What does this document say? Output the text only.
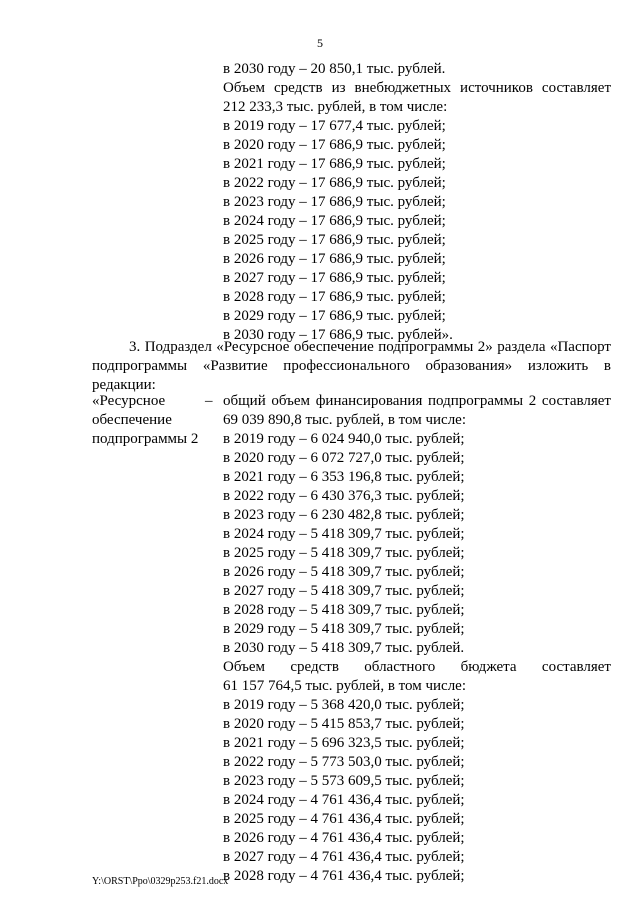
5
в 2030 году – 20 850,1 тыс. рублей.
Объем средств из внебюджетных источников составляет
212 233,3 тыс. рублей, в том числе:
в 2019 году – 17 677,4 тыс. рублей;
в 2020 году – 17 686,9 тыс. рублей;
в 2021 году – 17 686,9 тыс. рублей;
в 2022 году – 17 686,9 тыс. рублей;
в 2023 году – 17 686,9 тыс. рублей;
в 2024 году – 17 686,9 тыс. рублей;
в 2025 году – 17 686,9 тыс. рублей;
в 2026 году – 17 686,9 тыс. рублей;
в 2027 году – 17 686,9 тыс. рублей;
в 2028 году – 17 686,9 тыс. рублей;
в 2029 году – 17 686,9 тыс. рублей;
в 2030 году – 17 686,9 тыс. рублей».
3. Подраздел «Ресурсное обеспечение подпрограммы 2» раздела «Паспорт
подпрограммы «Развитие профессионального образования» изложить в редакции:
«Ресурсное
обеспечение
подпрограммы 2
– общий объем финансирования подпрограммы 2 составляет
69 039 890,8 тыс. рублей, в том числе:
в 2019 году – 6 024 940,0 тыс. рублей;
в 2020 году – 6 072 727,0 тыс. рублей;
в 2021 году – 6 353 196,8 тыс. рублей;
в 2022 году – 6 430 376,3 тыс. рублей;
в 2023 году – 6 230 482,8 тыс. рублей;
в 2024 году – 5 418 309,7 тыс. рублей;
в 2025 году – 5 418 309,7 тыс. рублей;
в 2026 году – 5 418 309,7 тыс. рублей;
в 2027 году – 5 418 309,7 тыс. рублей;
в 2028 году – 5 418 309,7 тыс. рублей;
в 2029 году – 5 418 309,7 тыс. рублей;
в 2030 году – 5 418 309,7 тыс. рублей.
Объем средств областного бюджета составляет
61 157 764,5 тыс. рублей, в том числе:
в 2019 году – 5 368 420,0 тыс. рублей;
в 2020 году – 5 415 853,7 тыс. рублей;
в 2021 году – 5 696 323,5 тыс. рублей;
в 2022 году – 5 773 503,0 тыс. рублей;
в 2023 году – 5 573 609,5 тыс. рублей;
в 2024 году – 4 761 436,4 тыс. рублей;
в 2025 году – 4 761 436,4 тыс. рублей;
в 2026 году – 4 761 436,4 тыс. рублей;
в 2027 году – 4 761 436,4 тыс. рублей;
в 2028 году – 4 761 436,4 тыс. рублей;
Y:\ORST\Ppo\0329p253.f21.docx
